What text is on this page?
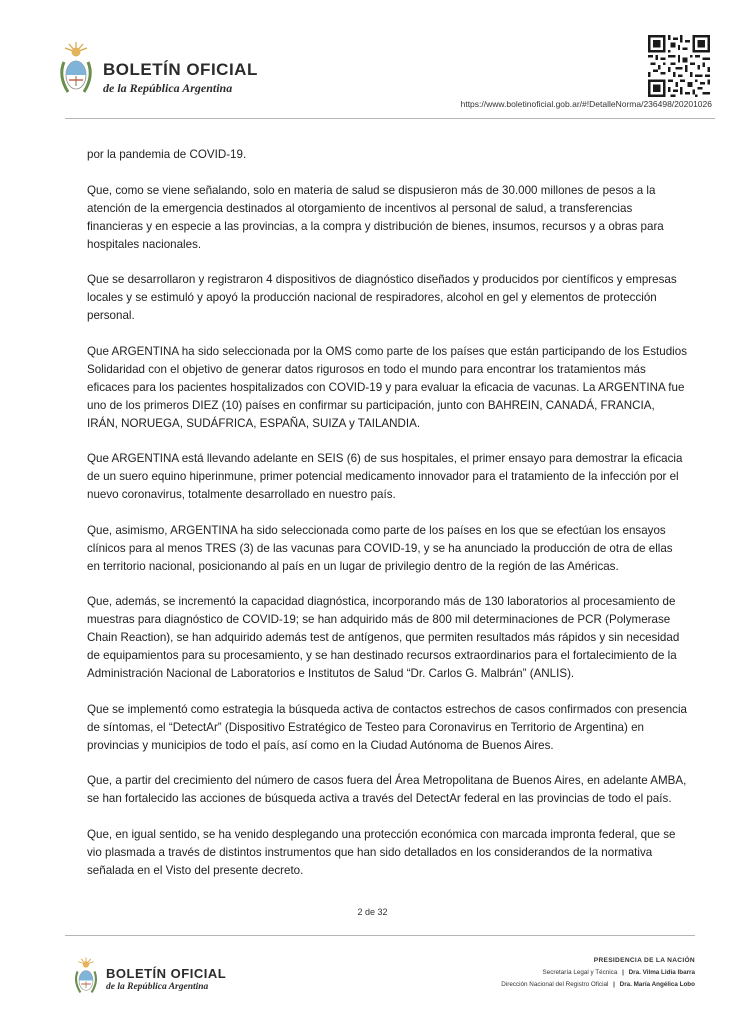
BOLETÍN OFICIAL
de la República Argentina
https://www.boletinoficial.gob.ar/#!DetalleNorma/236498/20201026

por la pandemia de COVID-19.

Que, como se viene señalando, solo en materia de salud se dispusieron más de 30.000 millones de pesos a la atención de la emergencia destinados al otorgamiento de incentivos al personal de salud, a transferencias financieras y en especie a las provincias, a la compra y distribución de bienes, insumos, recursos y a obras para hospitales nacionales.

Que se desarrollaron y registraron 4 dispositivos de diagnóstico diseñados y producidos por científicos y empresas locales y se estimuló y apoyó la producción nacional de respiradores, alcohol en gel y elementos de protección personal.

Que ARGENTINA ha sido seleccionada por la OMS como parte de los países que están participando de los Estudios Solidaridad con el objetivo de generar datos rigurosos en todo el mundo para encontrar los tratamientos más eficaces para los pacientes hospitalizados con COVID-19 y para evaluar la eficacia de vacunas. La ARGENTINA fue uno de los primeros DIEZ (10) países en confirmar su participación, junto con BAHREIN, CANADÁ, FRANCIA, IRÁN, NORUEGA, SUDÁFRICA, ESPAÑA, SUIZA y TAILANDIA.

Que ARGENTINA está llevando adelante en SEIS (6) de sus hospitales, el primer ensayo para demostrar la eficacia de un suero equino hiperinmune, primer potencial medicamento innovador para el tratamiento de la infección por el nuevo coronavirus, totalmente desarrollado en nuestro país.

Que, asimismo, ARGENTINA ha sido seleccionada como parte de los países en los que se efectúan los ensayos clínicos para al menos TRES (3) de las vacunas para COVID-19, y se ha anunciado la producción de otra de ellas en territorio nacional, posicionando al país en un lugar de privilegio dentro de la región de las Américas.

Que, además, se incrementó la capacidad diagnóstica, incorporando más de 130 laboratorios al procesamiento de muestras para diagnóstico de COVID-19; se han adquirido más de 800 mil determinaciones de PCR (Polymerase Chain Reaction), se han adquirido además test de antígenos, que permiten resultados más rápidos y sin necesidad de equipamientos para su procesamiento, y se han destinado recursos extraordinarios para el fortalecimiento de la Administración Nacional de Laboratorios e Institutos de Salud “Dr. Carlos G. Malbrán” (ANLIS).

Que se implementó como estrategia la búsqueda activa de contactos estrechos de casos confirmados con presencia de síntomas, el “DetectAr” (Dispositivo Estratégico de Testeo para Coronavirus en Territorio de Argentina) en provincias y municipios de todo el país, así como en la Ciudad Autónoma de Buenos Aires.

Que, a partir del crecimiento del número de casos fuera del Área Metropolitana de Buenos Aires, en adelante AMBA, se han fortalecido las acciones de búsqueda activa a través del DetectAr federal en las provincias de todo el país.

Que, en igual sentido, se ha venido desplegando una protección económica con marcada impronta federal, que se vio plasmada a través de distintos instrumentos que han sido detallados en los considerandos de la normativa señalada en el Visto del presente decreto.

2 de 32
BOLETÍN OFICIAL
de la República Argentina
PRESIDENCIA DE LA NACIÓN
Secretaría Legal y Técnica | Dra. Vilma Lidia Ibarra
Dirección Nacional del Registro Oficial | Dra. María Angélica Lobo
